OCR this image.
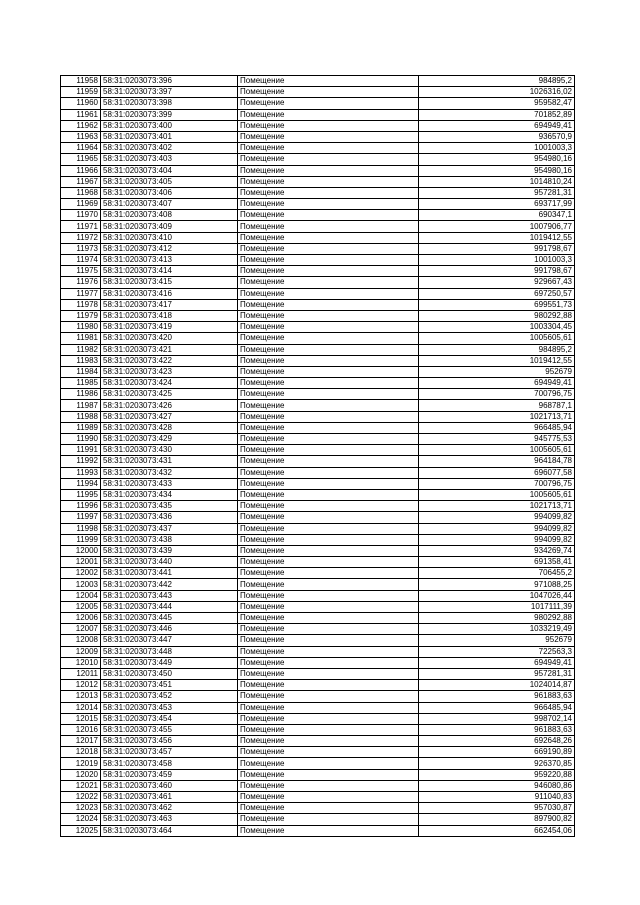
11958	58:31:0203073:396	Помещение	984895,2
11959	58:31:0203073:397	Помещение	1026316,02
11960	58:31:0203073:398	Помещение	959582,47
11961	58:31:0203073:399	Помещение	701852,89
11962	58:31:0203073:400	Помещение	694949,41
11963	58:31:0203073:401	Помещение	936570,9
11964	58:31:0203073:402	Помещение	1001003,3
11965	58:31:0203073:403	Помещение	954980,16
11966	58:31:0203073:404	Помещение	954980,16
11967	58:31:0203073:405	Помещение	1014810,24
11968	58:31:0203073:406	Помещение	957281,31
11969	58:31:0203073:407	Помещение	693717,99
11970	58:31:0203073:408	Помещение	690347,1
11971	58:31:0203073:409	Помещение	1007906,77
11972	58:31:0203073:410	Помещение	1019412,55
11973	58:31:0203073:412	Помещение	991798,67
11974	58:31:0203073:413	Помещение	1001003,3
11975	58:31:0203073:414	Помещение	991798,67
11976	58:31:0203073:415	Помещение	929667,43
11977	58:31:0203073:416	Помещение	697250,57
11978	58:31:0203073:417	Помещение	699551,73
11979	58:31:0203073:418	Помещение	980292,88
11980	58:31:0203073:419	Помещение	1003304,45
11981	58:31:0203073:420	Помещение	1005605,61
11982	58:31:0203073:421	Помещение	984895,2
11983	58:31:0203073:422	Помещение	1019412,55
11984	58:31:0203073:423	Помещение	952679
11985	58:31:0203073:424	Помещение	694949,41
11986	58:31:0203073:425	Помещение	700796,75
11987	58:31:0203073:426	Помещение	968787,1
11988	58:31:0203073:427	Помещение	1021713,71
11989	58:31:0203073:428	Помещение	966485,94
11990	58:31:0203073:429	Помещение	945775,53
11991	58:31:0203073:430	Помещение	1005605,61
11992	58:31:0203073:431	Помещение	964184,78
11993	58:31:0203073:432	Помещение	696077,58
11994	58:31:0203073:433	Помещение	700796,75
11995	58:31:0203073:434	Помещение	1005605,61
11996	58:31:0203073:435	Помещение	1021713,71
11997	58:31:0203073:436	Помещение	994099,82
11998	58:31:0203073:437	Помещение	994099,82
11999	58:31:0203073:438	Помещение	994099,82
12000	58:31:0203073:439	Помещение	934269,74
12001	58:31:0203073:440	Помещение	691358,41
12002	58:31:0203073:441	Помещение	706455,2
12003	58:31:0203073:442	Помещение	971088,25
12004	58:31:0203073:443	Помещение	1047026,44
12005	58:31:0203073:444	Помещение	1017111,39
12006	58:31:0203073:445	Помещение	980292,88
12007	58:31:0203073:446	Помещение	1033219,49
12008	58:31:0203073:447	Помещение	952679
12009	58:31:0203073:448	Помещение	722563,3
12010	58:31:0203073:449	Помещение	694949,41
12011	58:31:0203073:450	Помещение	957281,31
12012	58:31:0203073:451	Помещение	1024014,87
12013	58:31:0203073:452	Помещение	961883,63
12014	58:31:0203073:453	Помещение	966485,94
12015	58:31:0203073:454	Помещение	998702,14
12016	58:31:0203073:455	Помещение	961883,63
12017	58:31:0203073:456	Помещение	692648,26
12018	58:31:0203073:457	Помещение	669190,89
12019	58:31:0203073:458	Помещение	926370,85
12020	58:31:0203073:459	Помещение	959220,88
12021	58:31:0203073:460	Помещение	946080,86
12022	58:31:0203073:461	Помещение	911040,83
12023	58:31:0203073:462	Помещение	957030,87
12024	58:31:0203073:463	Помещение	897900,82
12025	58:31:0203073:464	Помещение	662454,06
